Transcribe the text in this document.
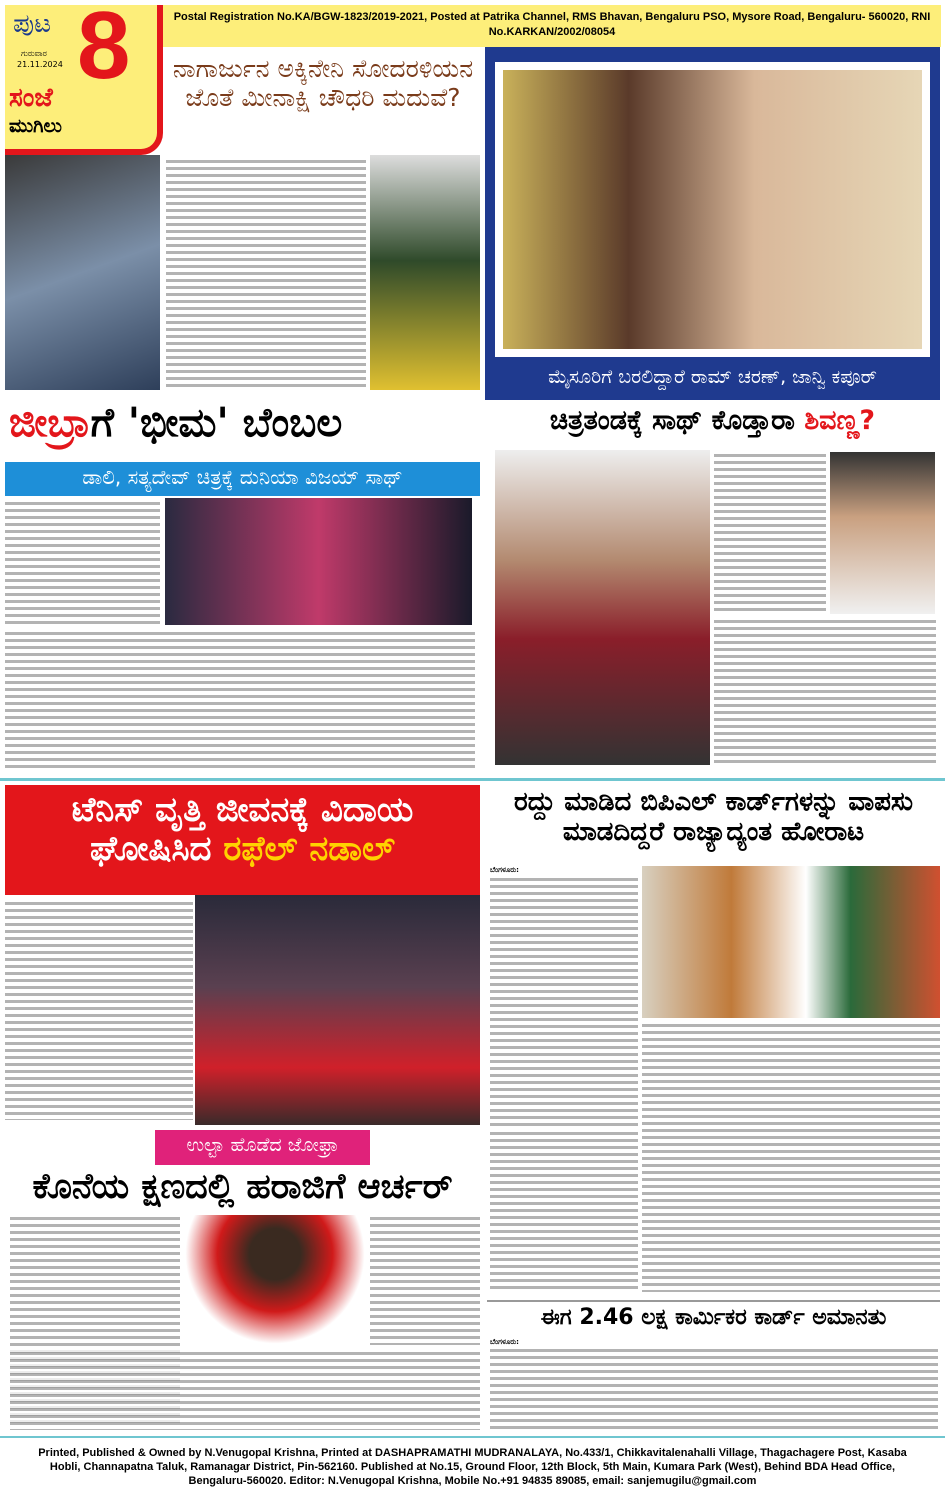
ಪುಟ 8
ಗುರುವಾರ
21.11.2024
ಸಂಜೆ
ಮುಗಿಲು
Postal Registration No.KA/BGW-1823/2019-2021, Posted at Patrika Channel, RMS Bhavan, Bengaluru PSO, Mysore Road, Bengaluru- 560020, RNI No.KARKAN/2002/08054
ನಾಗಾರ್ಜುನ ಅಕ್ಕಿನೇನಿ ಸೋದರಳಿಯನ ಜೊತೆ ಮೀನಾಕ್ಷಿ ಚೌಧರಿ ಮದುವೆ?
ಮೈಸೂರಿಗೆ ಬರಲಿದ್ದಾರೆ ರಾಮ್ ಚರಣ್, ಜಾನ್ವಿ ಕಪೂರ್
ಜೀಬ್ರಾಗೆ 'ಭೀಮ' ಬೆಂಬಲ
ಡಾಲಿ, ಸತ್ಯದೇವ್ ಚಿತ್ರಕ್ಕೆ ದುನಿಯಾ ವಿಜಯ್ ಸಾಥ್
ಚಿತ್ರತಂಡಕ್ಕೆ ಸಾಥ್ ಕೊಡ್ತಾರಾ ಶಿವಣ್ಣ?
ಟೆನಿಸ್ ವೃತ್ತಿ ಜೀವನಕ್ಕೆ ವಿದಾಯ
ಘೋಷಿಸಿದ ರಫೆಲ್ ನಡಾಲ್
ಉಲ್ಟಾ ಹೊಡೆದ ಜೋಫ್ರಾ
ಕೊನೆಯ ಕ್ಷಣದಲ್ಲಿ ಹರಾಜಿಗೆ ಆರ್ಚರ್
ರದ್ದು ಮಾಡಿದ ಬಿಪಿಎಲ್ ಕಾರ್ಡ್‌ಗಳನ್ನು ವಾಪಸು ಮಾಡದಿದ್ದರೆ ರಾಜ್ಯಾದ್ಯಂತ ಹೋರಾಟ
ಬೆಂಗಳೂರು:
ಈಗ 2.46 ಲಕ್ಷ ಕಾರ್ಮಿಕರ ಕಾರ್ಡ್ ಅಮಾನತು
ಬೆಂಗಳೂರು:
Printed, Published & Owned by N.Venugopal Krishna, Printed at DASHAPRAMATHI MUDRANALAYA, No.433/1, Chikkavitalenahalli Village, Thagachagere Post, Kasaba Hobli, Channapatna Taluk, Ramanagar District, Pin-562160. Published at No.15, Ground Floor, 12th Block, 5th Main, Kumara Park (West), Behind BDA Head Office, Bengaluru-560020. Editor: N.Venugopal Krishna, Mobile No.+91 94835 89085, email: sanjemugilu@gmail.com
